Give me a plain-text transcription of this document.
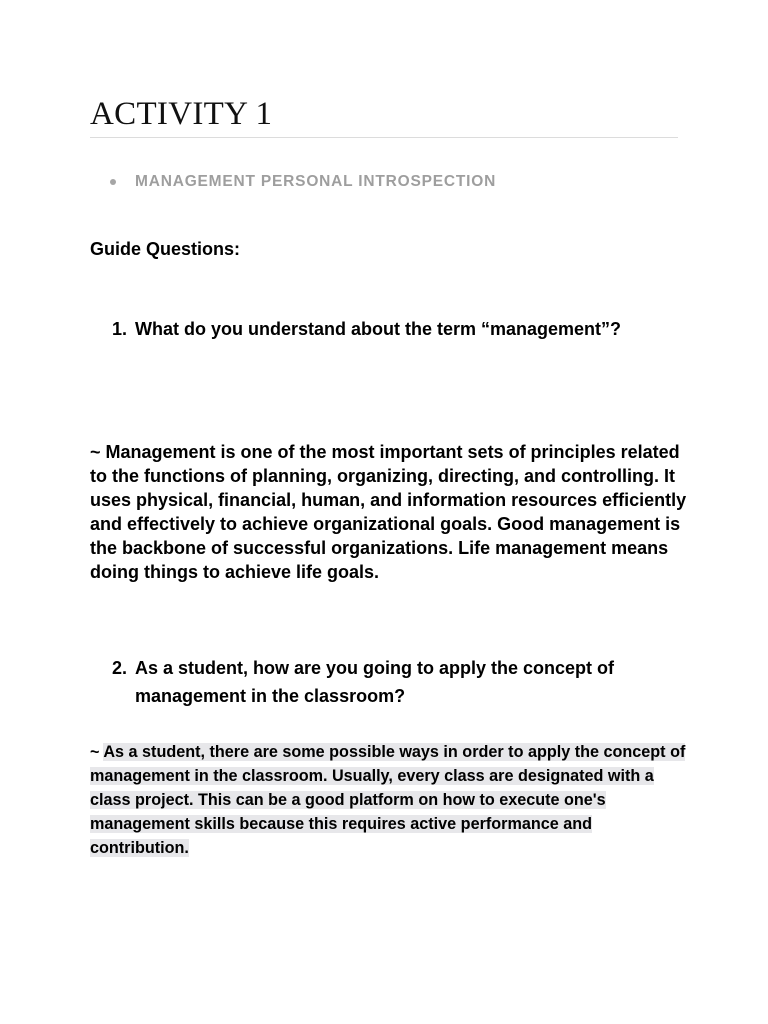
ACTIVITY 1
MANAGEMENT PERSONAL INTROSPECTION

Guide Questions:

1. What do you understand about the term “management”?

~ Management is one of the most important sets of principles related to the functions of planning, organizing, directing, and controlling. It uses physical, financial, human, and information resources efficiently and effectively to achieve organizational goals. Good management is the backbone of successful organizations. Life management means doing things to achieve life goals.

2. As a student, how are you going to apply the concept of management in the classroom?

~ As a student, there are some possible ways in order to apply the concept of management in the classroom. Usually, every class are designated with a class project. This can be a good platform on how to execute one's management skills because this requires active performance and contribution.
